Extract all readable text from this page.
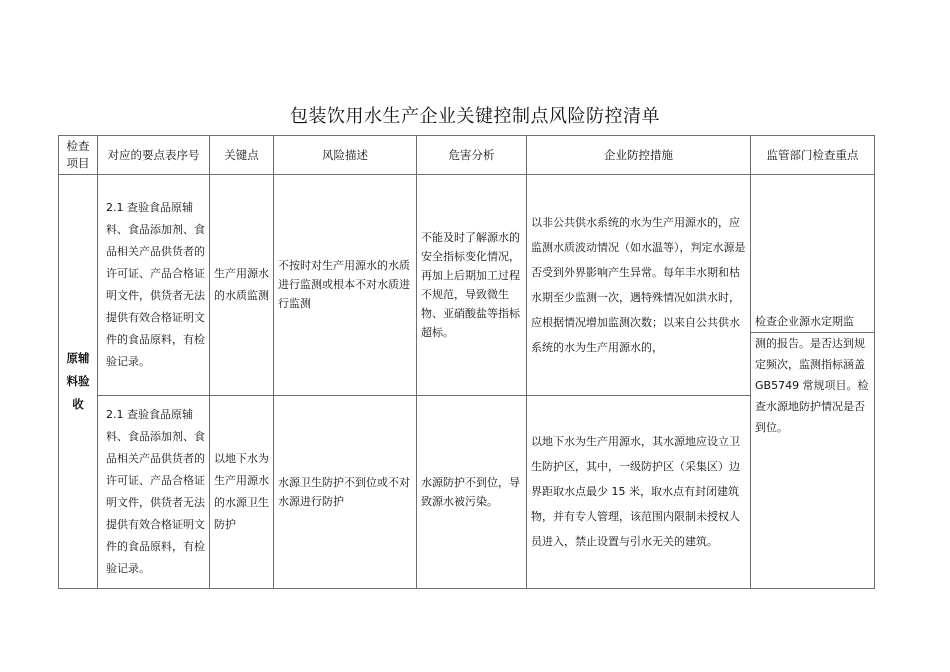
包装饮用水生产企业关键控制点风险防控清单
检查项目	对应的要点表序号	关键点	风险描述	危害分析	企业防控措施	监管部门检查重点
原辅料验收	2.1 查验食品原辅料、食品添加剂、食品相关产品供货者的许可证、产品合格证明文件，供货者无法提供有效合格证明文件的食品原料，有检验记录。	生产用源水的水质监测	不按时对生产用源水的水质进行监测或根本不对水质进行监测	不能及时了解源水的安全指标变化情况，再加上后期加工过程不规范，导致微生物、亚硝酸盐等指标超标。	以非公共供水系统的水为生产用源水的，应监测水质波动情况（如水温等），判定水源是否受到外界影响产生异常。每年丰水期和枯水期至少监测一次，遇特殊情况如洪水时，应根据情况增加监测次数；以来自公共供水系统的水为生产用源水的，	检查企业源水定期监
测的报告。是否达到规定频次，监测指标涵盖 GB5749 常规项目。检查水源地防护情况是否到位。

	2.1 查验食品原辅料、食品添加剂、食品相关产品供货者的许可证、产品合格证明文件，供货者无法提供有效合格证明文件的食品原料，有检验记录。	以地下水为生产用源水的水源卫生防护	水源卫生防护不到位或不对水源进行防护	水源防护不到位，导致源水被污染。	以地下水为生产用源水，其水源地应设立卫生防护区，其中，一级防护区（采集区）边界距取水点最少 15 米，取水点有封闭建筑物，并有专人管理，该范围内限制未授权人员进入，禁止设置与引水无关的建筑。	
